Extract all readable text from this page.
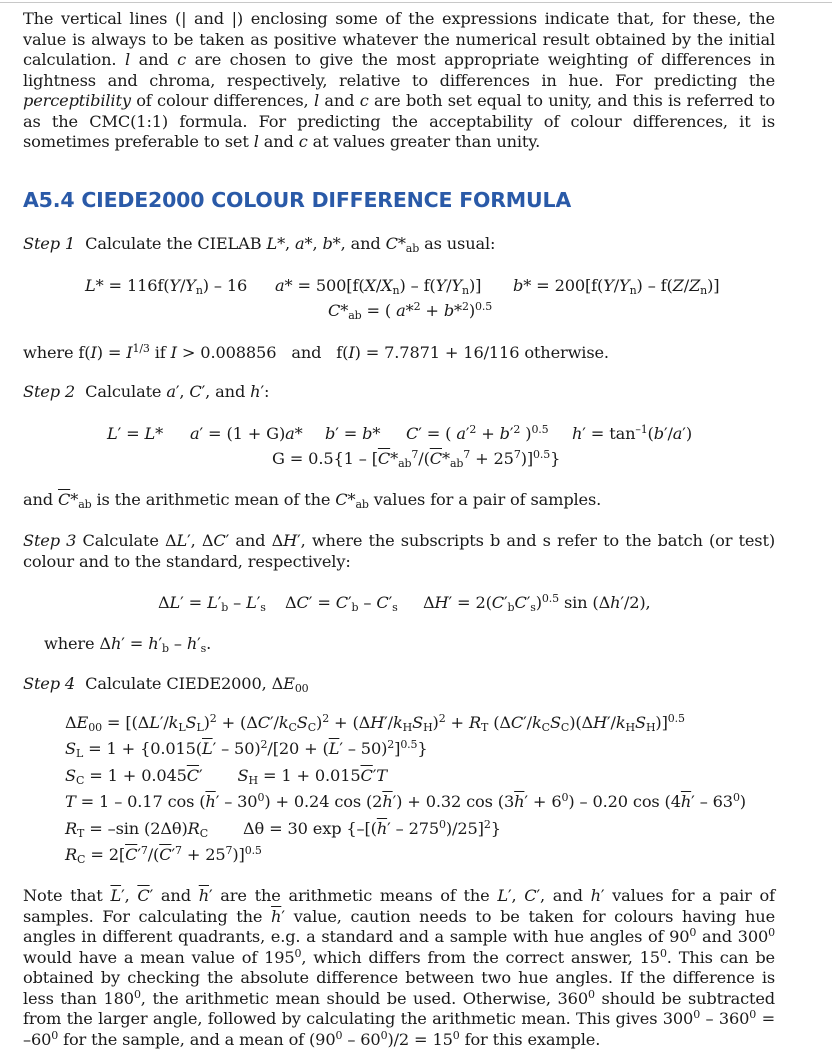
The vertical lines (| and |) enclosing some of the expressions indicate that, for these, the value is always to be taken as positive whatever the numerical result obtained by the initial calculation. l and c are chosen to give the most appropriate weighting of differences in lightness and chroma, respectively, relative to differences in hue. For predicting the perceptibility of colour differences, l and c are both set equal to unity, and this is referred to as the CMC(1:1) formula. For predicting the acceptability of colour differences, it is sometimes preferable to set l and c at values greater than unity.

A5.4 CIEDE2000 COLOUR DIFFERENCE FORMULA
Step 1 Calculate the CIELAB L*, a*, b*, and $C*_{ab}$ as usual:
$L* = 116f(Y/Y_n) - 16$ $a* = 500[f(X/X_n) - f(Y/Y_n)] b* = 200[f(Y/Y_n) - f(Z/Z_n)]$
$C*_{ab}$ = ( a*$^2$ + b*$^2$)$^{0.5}$
where $f(I) = I^{1/3}$ if I > 0.008856   and   f(I) = 7.7871 + 16/116 otherwise.
Step 2 Calculate a′, C′, and h′:
L′ = L* a′ = (1 + G)a* b′ = b* C′ = ( $a'^2 + b'^2$ )$^{0.5}$ $h' = \tan^{-1}(b'/a')$
$G = 0.5\{1 - [\overline{C}*_{ab}^7/(\overline{C}*_{ab}^7 + 25^7)]^{0.5}\}$
and $\overline{C}*_{ab}$ is the arithmetic mean of the $C*_{ab}$ values for a pair of samples.
Step 3 Calculate ΔL′, ΔC′ and ΔH′, where the subscripts b and s refer to the batch (or test) colour and to the standard, respectively:
$\Delta L' = L'_b - L'_s$ $\Delta C' = C'_b - C'_s$ $\Delta H' = 2(C'_bC'_s)^{0.5}$ sin (Δh′/2),
where $\Delta h' = h'_b - h'_s$.
Step 4 Calculate CIEDE2000, $\Delta E_{00}$
$\Delta E_{00} = [(\Delta L'/k_LS_L)^2 + (\Delta C'/k_CS_C)^2 + (\Delta H'/k_HS_H)^2 + R_T$ $(\Delta C'/k_CS_C)(\Delta H'/k_HS_H)]^{0.5}$
$S_L = 1 + \{0.015(\overline{L}' - 50)^2/[20 + (\overline{L}' - 50)^2]^{0.5}\}$
$S_C = 1 + 0.045\overline{C}'$       $S_H = 1 + 0.015\overline{C}'T$
T = 1 – 0.17 $\cos (\overline{h}' - 30^0) + 0.24$ $\cos (2\overline{h}') + 0.32$ $\cos (3\overline{h}' + 6^0) - 0.20$ $\cos (4\overline{h}' - 63^0)$
$R_T = -\sin$ $(2\Delta\theta)R_C$       Δθ = 30 $\exp \{-[(\overline{h}' - 275^0)/25]^2\}$
$R_C = 2[\overline{C}'^7/(\overline{C}'^7 + 25^7)]^{0.5}$

Note that $\overline{L}'$, $\overline{C}'$ and $\overline{h}'$ are the arithmetic means of the L′, C′, and h′ values for a pair of samples. For calculating the $\overline{h}'$ value, caution needs to be taken for colours having hue angles in different quadrants, e.g. a standard and a sample with hue angles of $90^0$ and $300^0$ would have a mean value of $195^0$, which differs from the correct answer, $15^0$. This can be obtained by checking the absolute difference between two hue angles. If the difference is less than $180^0$, the arithmetic mean should be used. Otherwise, $360^0$ should be subtracted from the larger angle, followed by calculating the arithmetic mean. This gives $300^0 - 360^0 = -60^0$ for the sample, and a mean of $(90^0 - 60^0)/2 = 15^0$ for this example.
